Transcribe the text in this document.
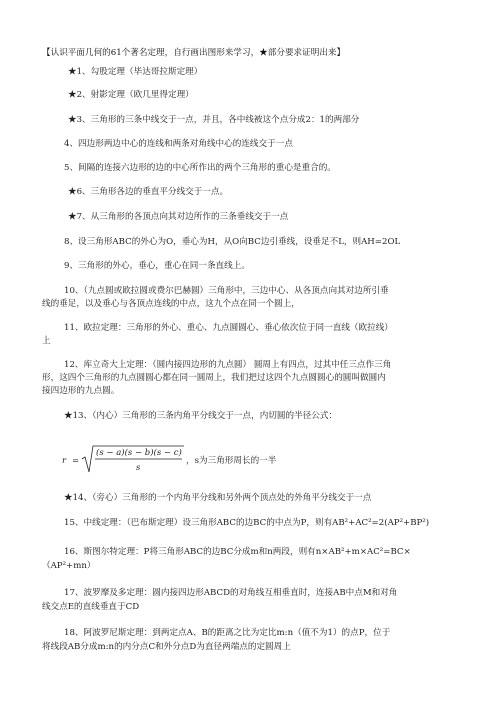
【认识平面几何的61个著名定理，自行画出图形来学习，★部分要求证明出来】
★1、勾股定理（毕达哥拉斯定理）
★2、射影定理（欧几里得定理）
★3、三角形的三条中线交于一点，并且，各中线被这个点分成2：1的两部分
4、四边形两边中心的连线和两条对角线中心的连线交于一点
5、间隔的连接六边形的边的中心所作出的两个三角形的重心是重合的。
★6、三角形各边的垂直平分线交于一点。
★7、从三角形的各顶点向其对边所作的三条垂线交于一点
8、设三角形ABC的外心为O，垂心为H，从O向BC边引垂线，设垂足不L，则AH=2OL
9、三角形的外心，垂心，重心在同一条直线上。
10、（九点圆或欧拉圆或费尔巴赫圆）三角形中，三边中心、从各顶点向其对边所引垂
线的垂足，以及垂心与各顶点连线的中点，这九个点在同一个圆上，
11、欧拉定理：三角形的外心、重心、九点圆圆心、垂心依次位于同一直线（欧拉线）
上
12、库立奇大上定理：（圆内接四边形的九点圆） 圆周上有四点，过其中任三点作三角
形，这四个三角形的九点圆圆心都在同一圆周上，我们把过这四个九点圆圆心的圆叫做圆内
接四边形的九点圆。
★13、（内心）三角形的三条内角平分线交于一点，内切圆的半径公式：
r =
(s − a)(s − b)(s − c)
s
，s为三角形周长的一半
★14、（旁心）三角形的一个内角平分线和另外两个顶点处的外角平分线交于一点
15、中线定理：（巴布斯定理）设三角形ABC的边BC的中点为P，则有AB²+AC²=2(AP²+BP²)
16、斯图尔特定理：P将三角形ABC的边BC分成m和n两段，则有n×AB²+m×AC²=BC×
（AP²+mn）
17、波罗摩及多定理：圆内接四边形ABCD的对角线互相垂直时，连接AB中点M和对角
线交点E的直线垂直于CD
18、阿波罗尼斯定理：到两定点A、B的距离之比为定比m:n（值不为1）的点P，位于
将线段AB分成m:n的内分点C和外分点D为直径两端点的定圆周上
